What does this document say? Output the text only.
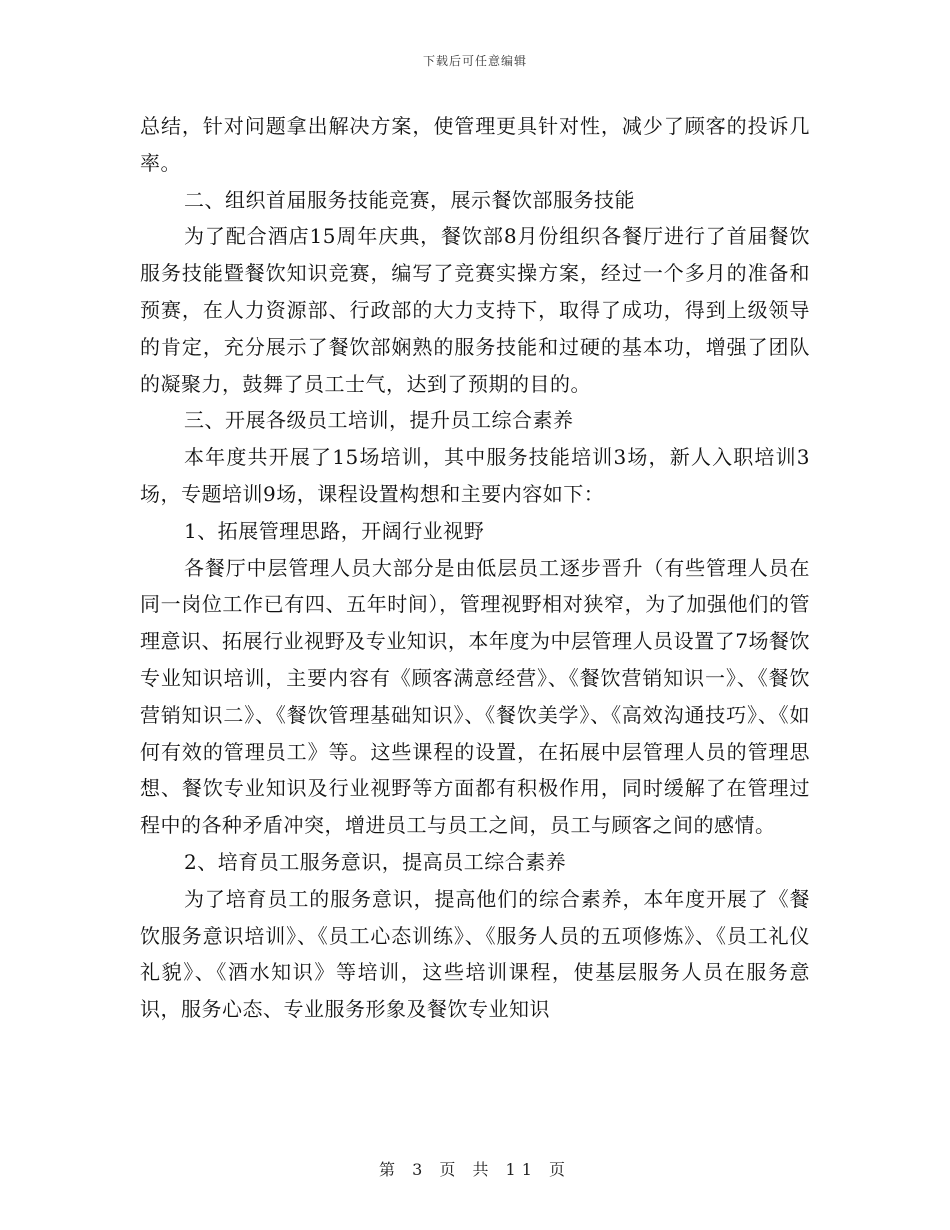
下载后可任意编辑

总结，针对问题拿出解决方案，使管理更具针对性，减少了顾客的投诉几率。

二、组织首届服务技能竞赛，展示餐饮部服务技能

为了配合酒店15周年庆典，餐饮部8月份组织各餐厅进行了首届餐饮服务技能暨餐饮知识竞赛，编写了竞赛实操方案，经过一个多月的准备和预赛，在人力资源部、行政部的大力支持下，取得了成功，得到上级领导的肯定，充分展示了餐饮部娴熟的服务技能和过硬的基本功，增强了团队的凝聚力，鼓舞了员工士气，达到了预期的目的。

三、开展各级员工培训，提升员工综合素养

本年度共开展了15场培训，其中服务技能培训3场，新人入职培训3场，专题培训9场，课程设置构想和主要内容如下：

1、拓展管理思路，开阔行业视野

各餐厅中层管理人员大部分是由低层员工逐步晋升（有些管理人员在同一岗位工作已有四、五年时间），管理视野相对狭窄，为了加强他们的管理意识、拓展行业视野及专业知识，本年度为中层管理人员设置了7场餐饮专业知识培训，主要内容有《顾客满意经营》、《餐饮营销知识一》、《餐饮营销知识二》、《餐饮管理基础知识》、《餐饮美学》、《高效沟通技巧》、《如何有效的管理员工》等。这些课程的设置，在拓展中层管理人员的管理思想、餐饮专业知识及行业视野等方面都有积极作用，同时缓解了在管理过程中的各种矛盾冲突，增进员工与员工之间，员工与顾客之间的感情。

2、培育员工服务意识，提高员工综合素养

为了培育员工的服务意识，提高他们的综合素养，本年度开展了《餐饮服务意识培训》、《员工心态训练》、《服务人员的五项修炼》、《员工礼仪礼貌》、《酒水知识》等培训，这些培训课程，使基层服务人员在服务意识，服务心态、专业服务形象及餐饮专业知识

第 3 页 共 11 页
